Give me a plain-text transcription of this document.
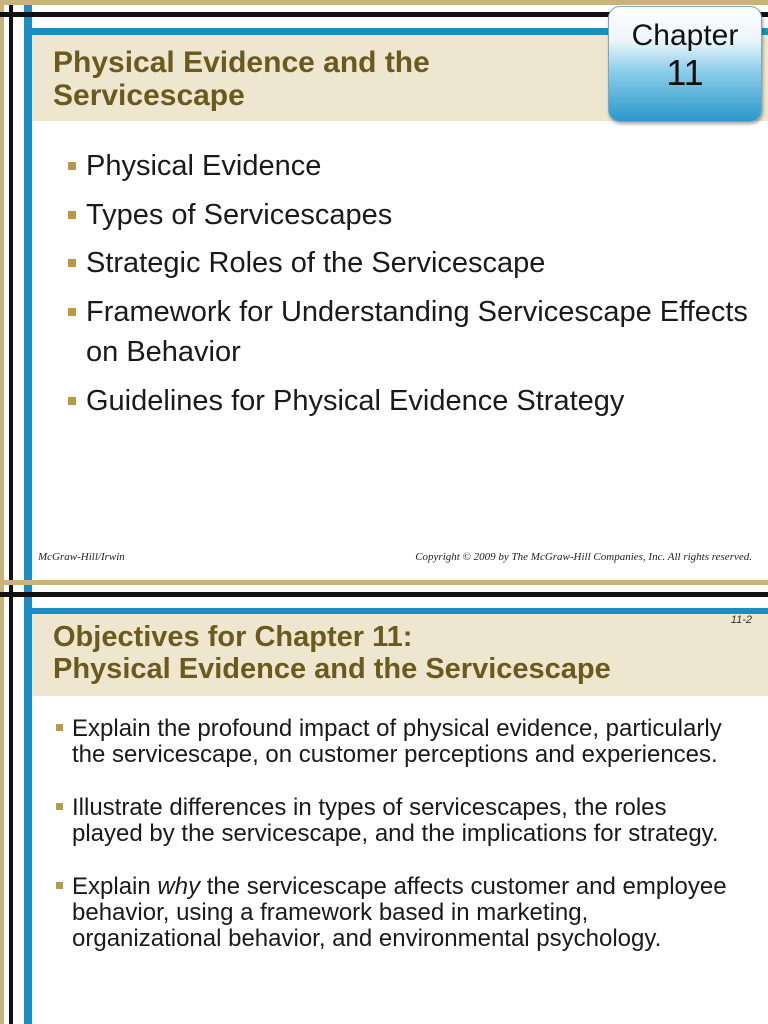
Physical Evidence and the
Servicescape
Chapter
11
Physical Evidence
Types of Servicescapes
Strategic Roles of the Servicescape
Framework for Understanding Servicescape Effects on Behavior
Guidelines for Physical Evidence Strategy
McGraw-Hill/Irwin	Copyright © 2009 by The McGraw-Hill Companies, Inc. All rights reserved.
11-2
Objectives for Chapter 11:
Physical Evidence and the Servicescape
Explain the profound impact of physical evidence, particularly the servicescape, on customer perceptions and experiences.
Illustrate differences in types of servicescapes, the roles played by the servicescape, and the implications for strategy.
Explain why the servicescape affects customer and employee behavior, using a framework based in marketing, organizational behavior, and environmental psychology.
